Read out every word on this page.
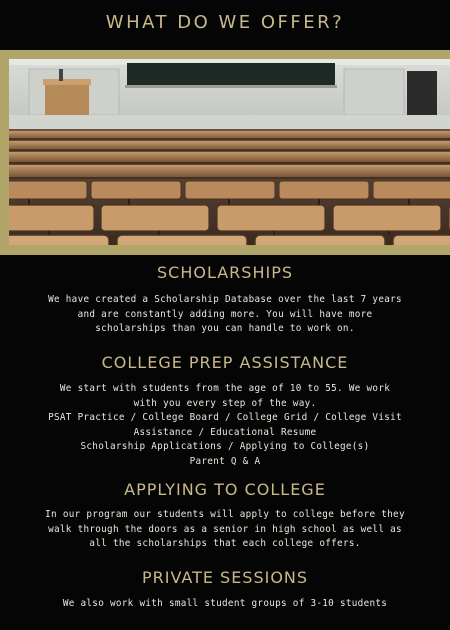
WHAT DO WE OFFER?
SCHOLARSHIPS
We have created a Scholarship Database over the last 7 years
and are constantly adding more. You will have more
scholarships than you can handle to work on.
COLLEGE PREP ASSISTANCE
We start with students from the age of 10 to 55. We work
with you every step of the way.
PSAT Practice / College Board / College Grid / College Visit
Assistance / Educational Resume
Scholarship Applications / Applying to College(s)
Parent Q & A
APPLYING TO COLLEGE
In our program our students will apply to college before they
walk through the doors as a senior in high school as well as
all the scholarships that each college offers.
PRIVATE SESSIONS
We also work with small student groups of 3-10 students
